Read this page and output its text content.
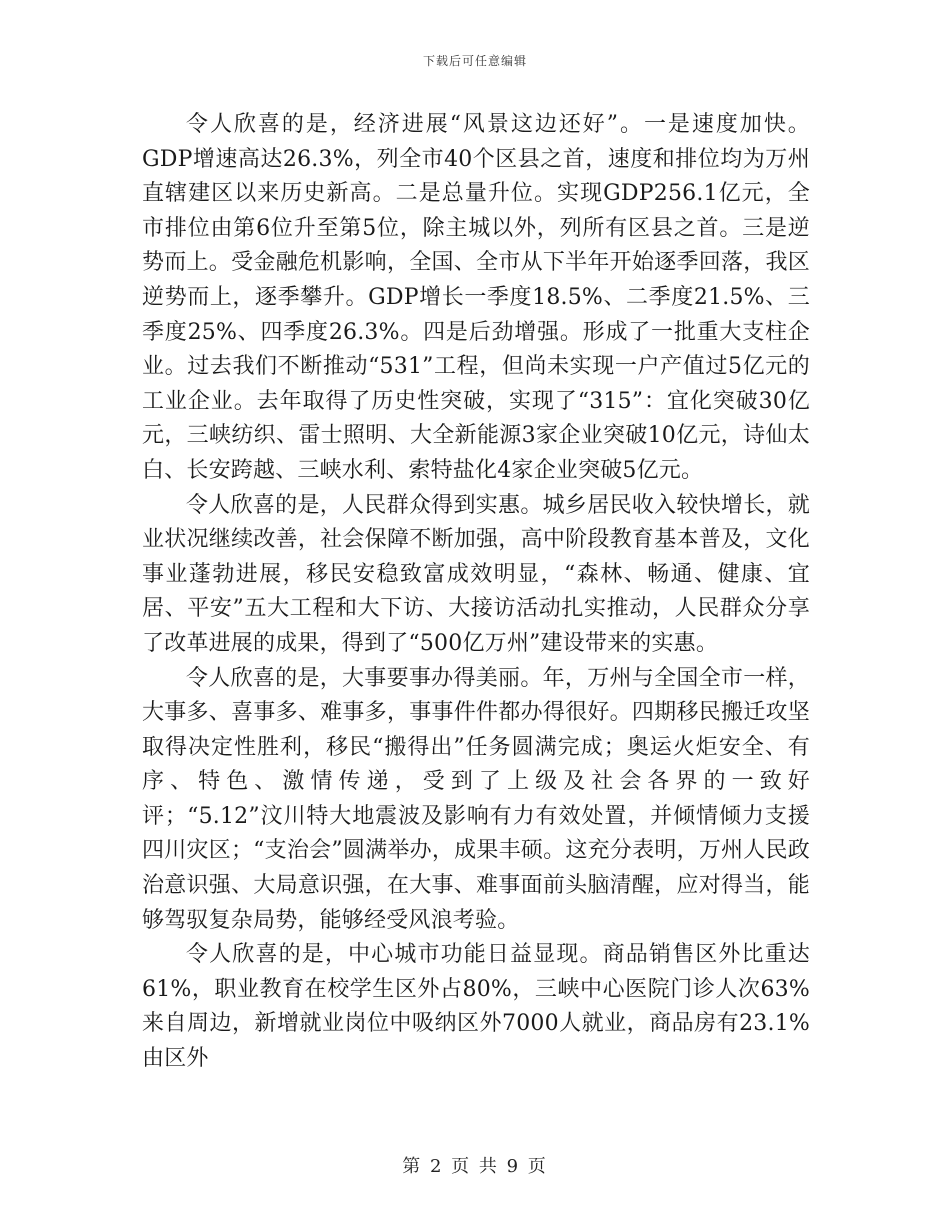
下载后可任意编辑

令人欣喜的是，经济进展“风景这边还好”。一是速度加快。GDP增速高达26.3%，列全市40个区县之首，速度和排位均为万州直辖建区以来历史新高。二是总量升位。实现GDP256.1亿元，全市排位由第6位升至第5位，除主城以外，列所有区县之首。三是逆势而上。受金融危机影响，全国、全市从下半年开始逐季回落，我区逆势而上，逐季攀升。GDP增长一季度18.5%、二季度21.5%、三季度25%、四季度26.3%。四是后劲增强。形成了一批重大支柱企业。过去我们不断推动“531”工程，但尚未实现一户产值过5亿元的工业企业。去年取得了历史性突破，实现了“315”：宜化突破30亿元，三峡纺织、雷士照明、大全新能源3家企业突破10亿元，诗仙太白、长安跨越、三峡水利、索特盐化4家企业突破5亿元。

令人欣喜的是，人民群众得到实惠。城乡居民收入较快增长，就业状况继续改善，社会保障不断加强，高中阶段教育基本普及，文化事业蓬勃进展，移民安稳致富成效明显，“森林、畅通、健康、宜居、平安”五大工程和大下访、大接访活动扎实推动，人民群众分享了改革进展的成果，得到了“500亿万州”建设带来的实惠。

令人欣喜的是，大事要事办得美丽。年，万州与全国全市一样，大事多、喜事多、难事多，事事件件都办得很好。四期移民搬迁攻坚取得决定性胜利，移民“搬得出”任务圆满完成；奥运火炬安全、有序、特色、激情传递，受到了上级及社会各界的一致好评；“5.12”汶川特大地震波及影响有力有效处置，并倾情倾力支援四川灾区；“支治会”圆满举办，成果丰硕。这充分表明，万州人民政治意识强、大局意识强，在大事、难事面前头脑清醒，应对得当，能够驾驭复杂局势，能够经受风浪考验。

令人欣喜的是，中心城市功能日益显现。商品销售区外比重达61%，职业教育在校学生区外占80%，三峡中心医院门诊人次63%来自周边，新增就业岗位中吸纳区外7000人就业，商品房有23.1%由区外

第 2 页 共 9 页
